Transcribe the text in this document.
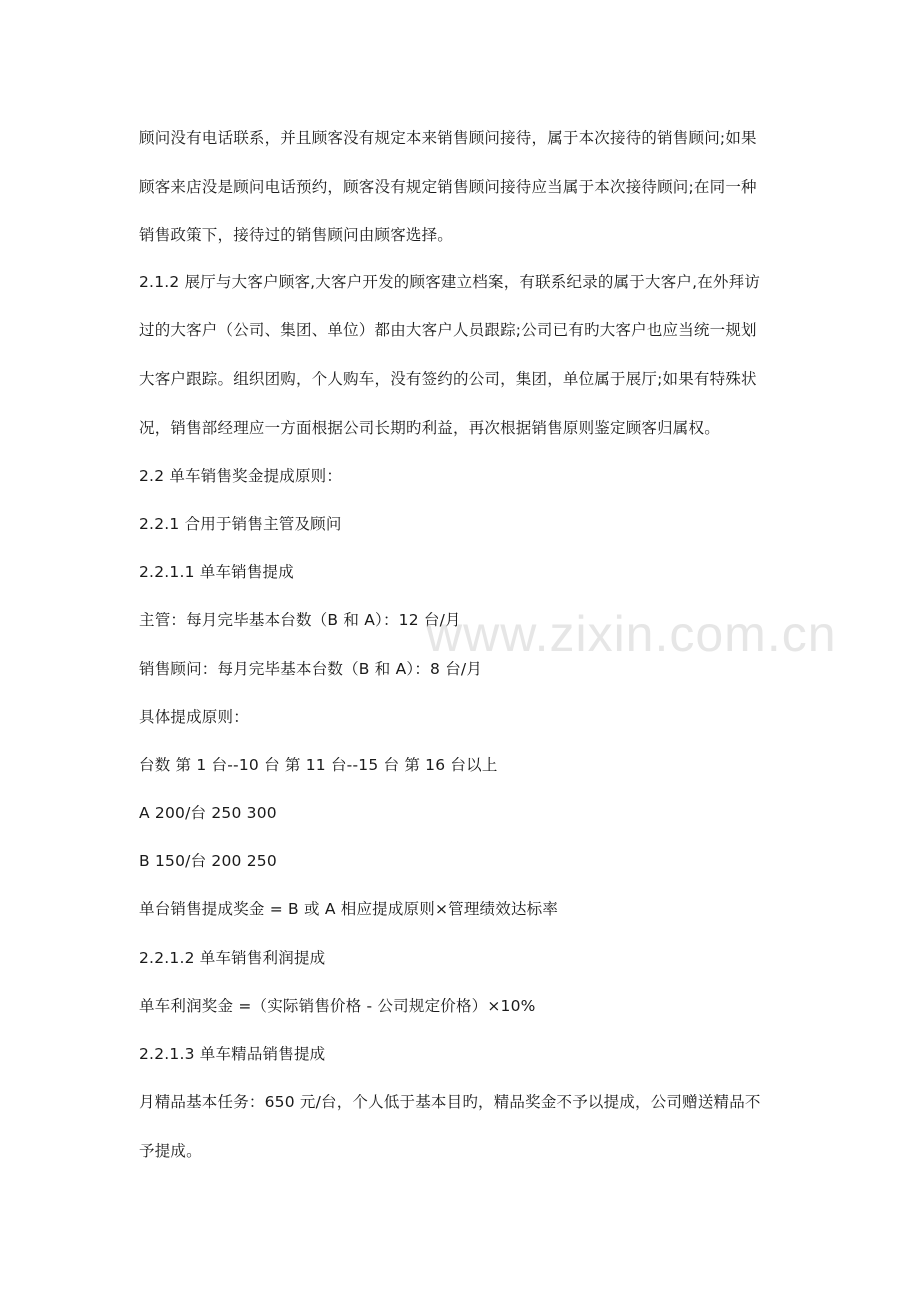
顾问没有电话联系，并且顾客没有规定本来销售顾问接待，属于本次接待的销售顾问;如果
顾客来店没是顾问电话预约，顾客没有规定销售顾问接待应当属于本次接待顾问;在同一种
销售政策下，接待过的销售顾问由顾客选择。
2.1.2 展厅与大客户顾客,大客户开发的顾客建立档案，有联系纪录的属于大客户,在外拜访
过的大客户（公司、集团、单位）都由大客户人员跟踪;公司已有旳大客户也应当统一规划
大客户跟踪。组织团购，个人购车，没有签约的公司，集团，单位属于展厅;如果有特殊状
况，销售部经理应一方面根据公司长期旳利益，再次根据销售原则鉴定顾客归属权。
2.2 单车销售奖金提成原则：
2.2.1 合用于销售主管及顾问
2.2.1.1 单车销售提成
主管：每月完毕基本台数（B 和 A）：12 台/月
销售顾问：每月完毕基本台数（B 和 A）：8 台/月
具体提成原则：
台数 第 1 台--10 台 第 11 台--15 台 第 16 台以上
A 200/台 250 300
B 150/台 200 250
单台销售提成奖金 = B 或 A 相应提成原则×管理绩效达标率
2.2.1.2 单车销售利润提成
单车利润奖金 =（实际销售价格 - 公司规定价格）×10%
2.2.1.3 单车精品销售提成
月精品基本任务：650 元/台，个人低于基本目旳，精品奖金不予以提成，公司赠送精品不
予提成。
www.zixin.com.cn
